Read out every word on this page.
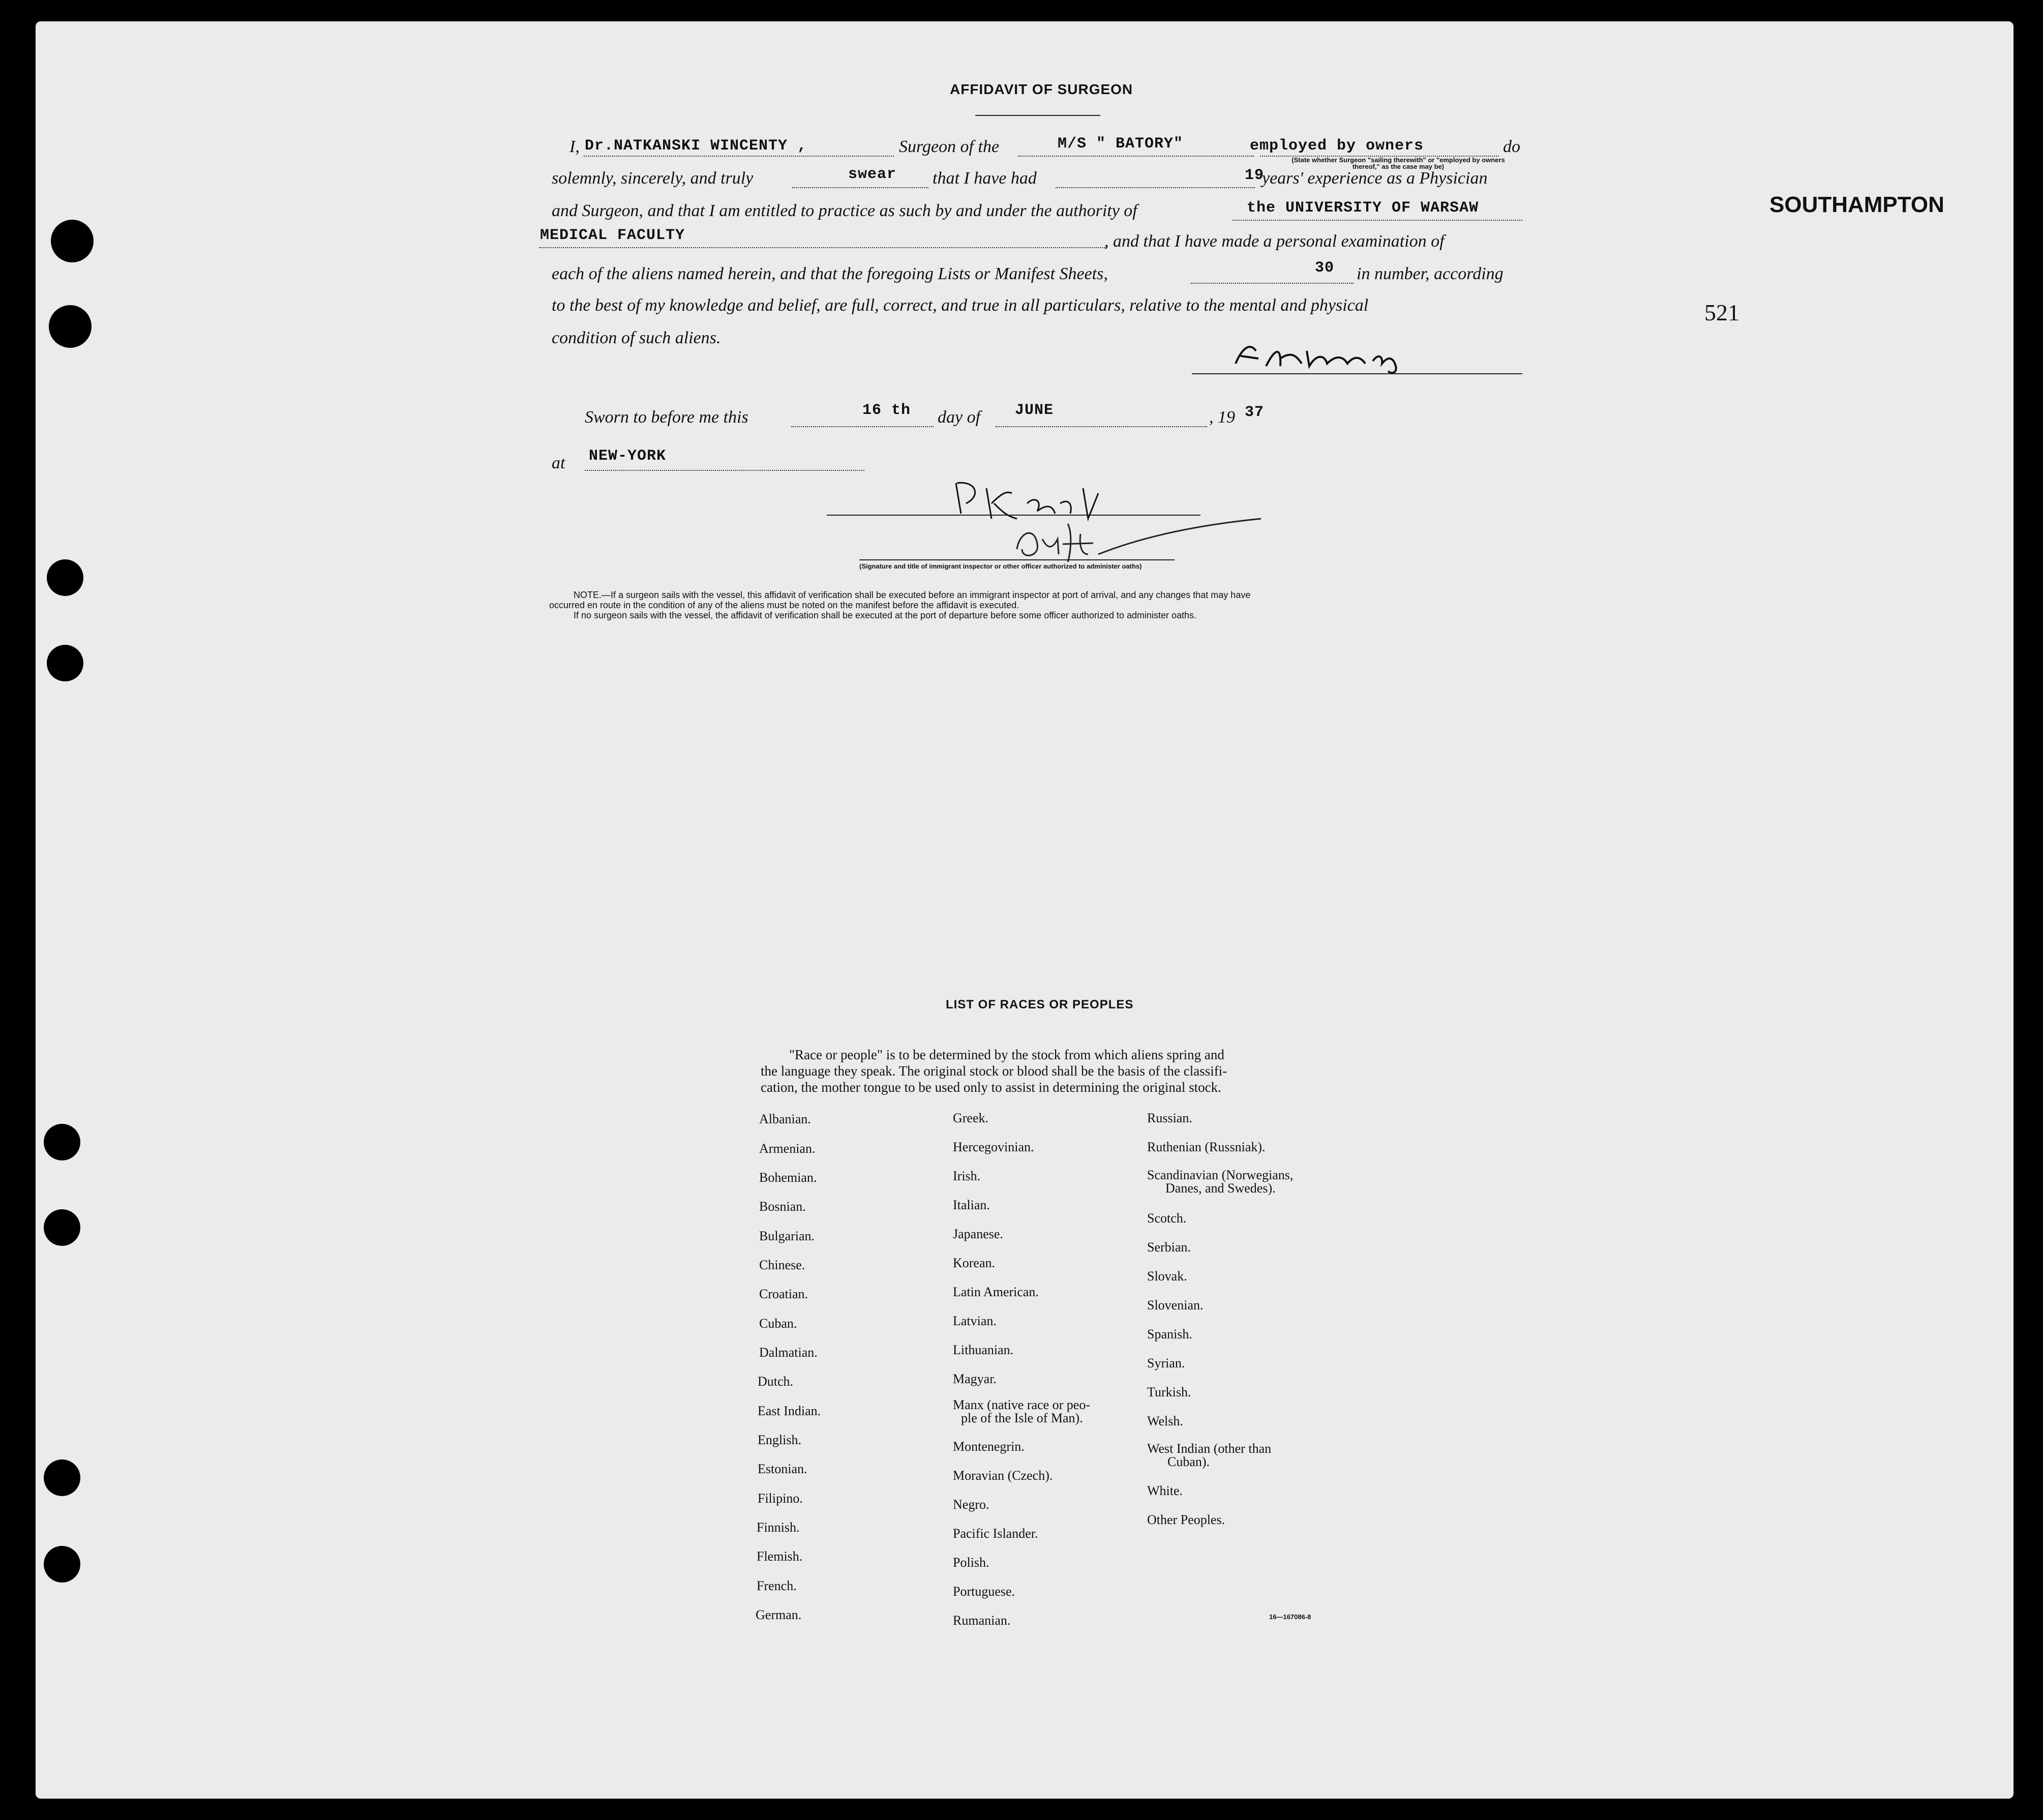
SOUTHAMPTON
521
AFFIDAVIT OF SURGEON
I, Dr.NATKANSKI WINCENTY ,	Surgeon of the	M/S " BATORY"	employed by owners	do
(State whether Surgeon "sailing therewith" or "employed by owners thereof," as the case may be)
solemnly, sincerely, and truly	swear that I have had	19
years' experience as a Physician
and Surgeon, and that I am entitled to practice as such by and under the authority of	the UNIVERSITY OF WARSAW
MEDICAL FACULTY	, and that I have made a personal examination of
each of the aliens named herein, and that the foregoing Lists or Manifest Sheets,	30 in number, according
to the best of my knowledge and belief, are full, correct, and true in all particulars, relative to the mental and physical
condition of such aliens.
Sworn to before me this	16 th day of JUNE	, 19 37
at NEW-YORK
(Signature and title of immigrant inspector or other officer authorized to administer oaths)
NOTE.—If a surgeon sails with the vessel, this affidavit of verification shall be executed before an immigrant inspector at port of arrival, and any changes that may have
occurred en route in the condition of any of the aliens must be noted on the manifest before the affidavit is executed.
If no surgeon sails with the vessel, the affidavit of verification shall be executed at the port of departure before some officer authorized to administer oaths.
LIST OF RACES OR PEOPLES
"Race or people" is to be determined by the stock from which aliens spring and
the language they speak. The original stock or blood shall be the basis of the classifi-
cation, the mother tongue to be used only to assist in determining the original stock.
Albanian.
Armenian.
Bohemian.
Bosnian.
Bulgarian.
Chinese.
Croatian.
Cuban.
Dalmatian.
Dutch.
East Indian.
English.
Estonian.
Filipino.
Finnish.
Flemish.
French.
German.
Greek.
Hercegovinian.
Irish.
Italian.
Japanese.
Korean.
Latin American.
Latvian.
Lithuanian.
Magyar.
Manx (native race or peo-
ple of the Isle of Man).
Montenegrin.
Moravian (Czech).
Negro.
Pacific Islander.
Polish.
Portuguese.
Rumanian.
Russian.
Ruthenian (Russniak).
Scandinavian (Norwegians,
Danes, and Swedes).
Scotch.
Serbian.
Slovak.
Slovenian.
Spanish.
Syrian.
Turkish.
Welsh.
West Indian (other than
Cuban).
White.
Other Peoples.
16—167086-8
